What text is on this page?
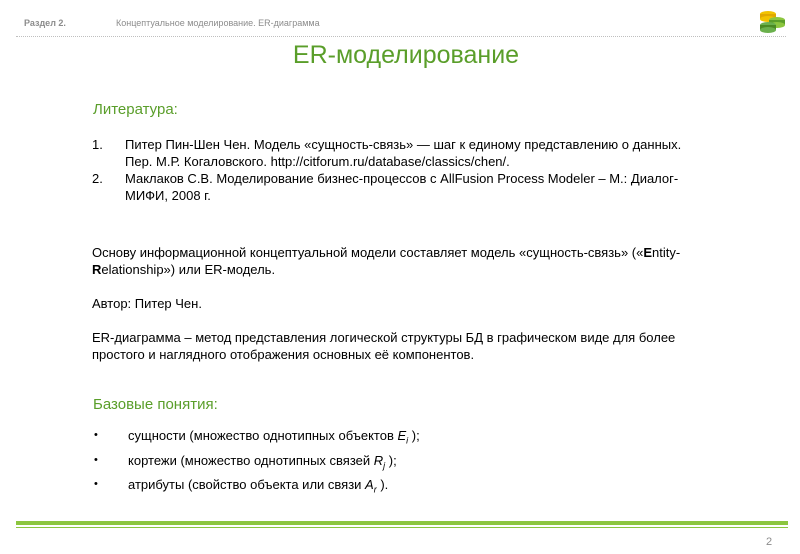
Раздел 2.	Концептуальное моделирование. ER-диаграмма
ER-моделирование
Литература:
1. Питер Пин-Шен Чен. Модель «сущность-связь» — шаг к единому представлению о данных. Пер. М.Р. Когаловского. http://citforum.ru/database/classics/chen/.
2. Маклаков С.В. Моделирование бизнес-процессов с AllFusion Process Modeler – М.: Диалог-МИФИ, 2008 г.

Основу информационной концептуальной модели составляет модель «сущность-связь» («Entity-Relationship») или ER-модель.

Автор: Питер Чен.

ER-диаграмма – метод представления логической структуры БД в графическом виде для более простого и наглядного отображения основных её компонентов.

Базовые понятия:
• сущности (множество однотипных объектов $E_i$ );
• кортежи (множество однотипных связей $R_j$ );
• атрибуты (свойство объекта или связи $A_r$ ).
2
